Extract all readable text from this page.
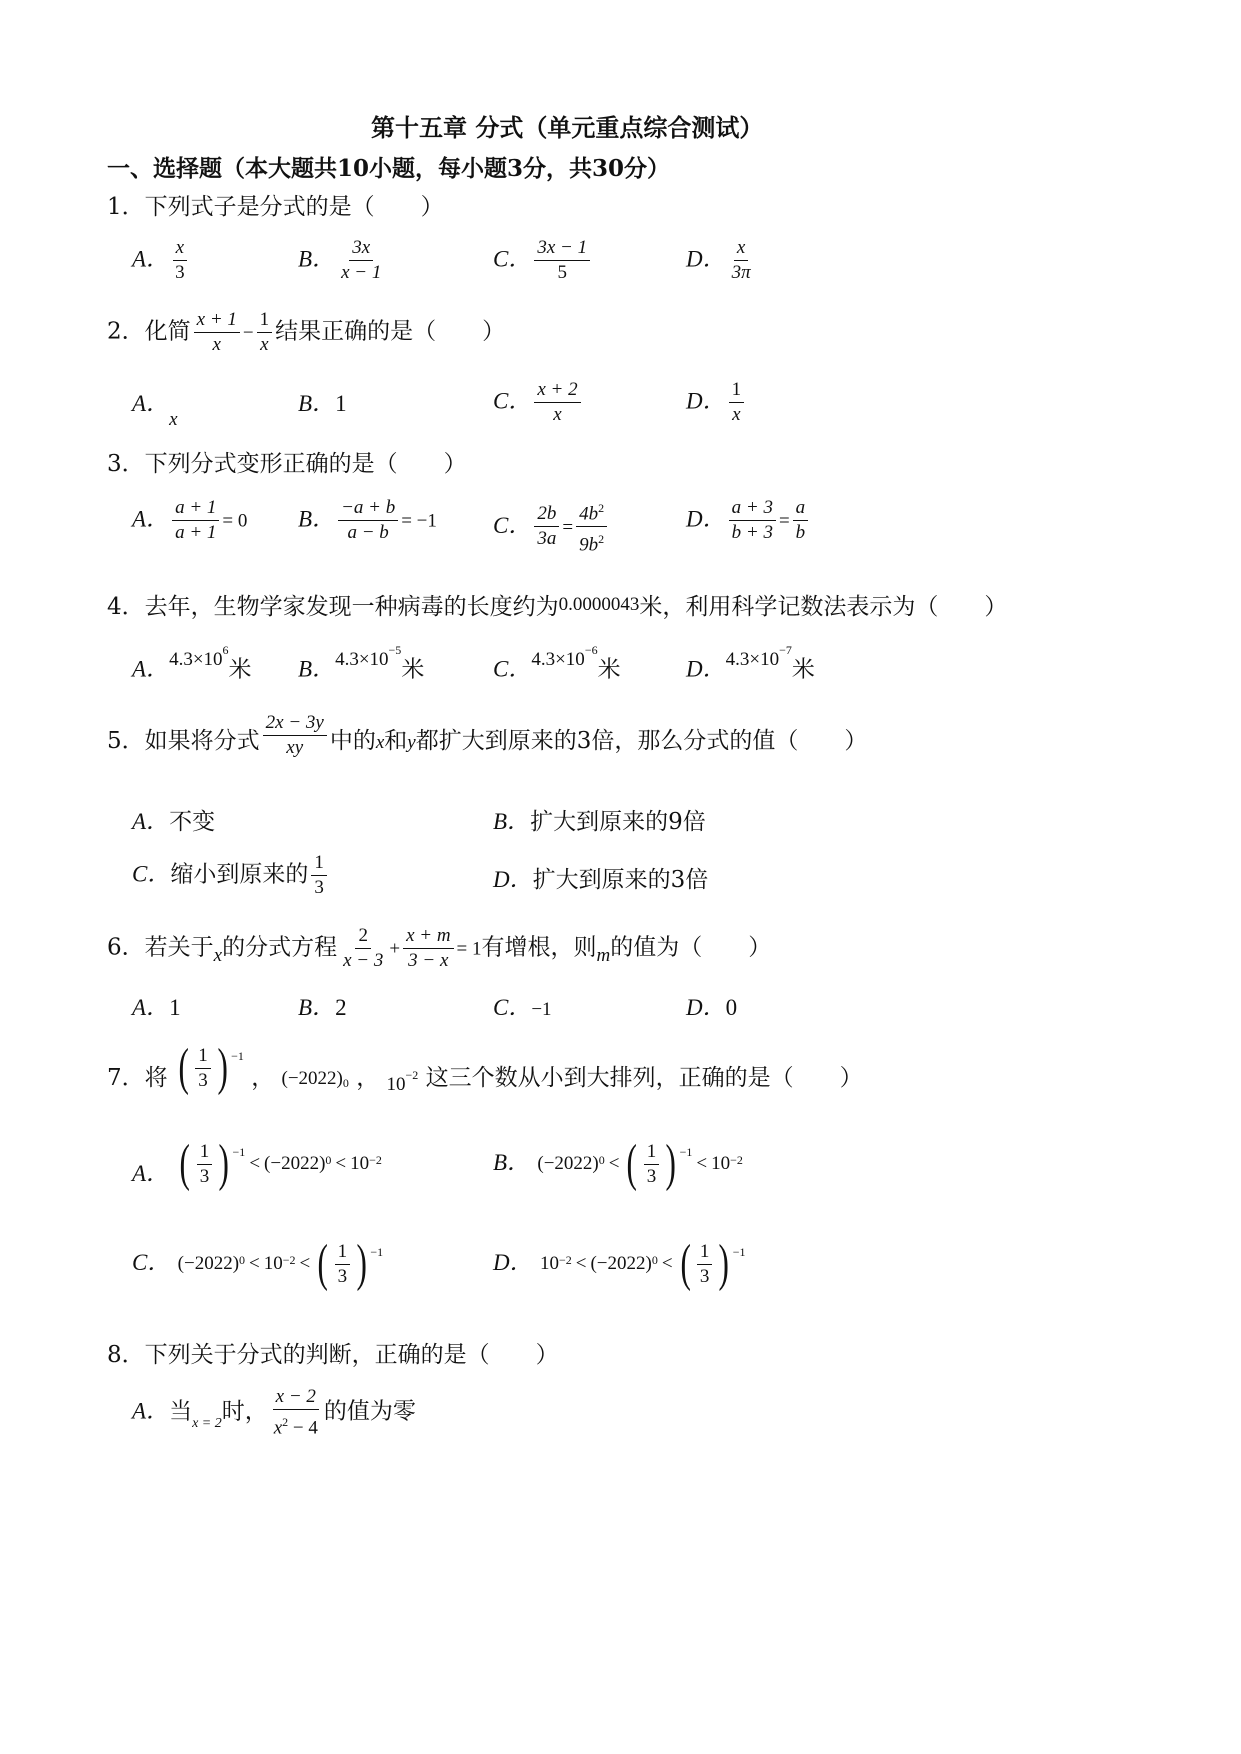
第十五章 分式（单元重点综合测试）
一、选择题（本大题共10小题，每小题3分，共30分）
1．下列式子是分式的是（　　）
A． $\frac{x}{3}$	B． $\frac{3x}{x - 1}$	C． $\frac{3x - 1}{5}$	D． $\frac{x}{3\pi}$
2．化简 $\frac{x + 1}{x} - \frac{1}{x}$ 结果正确的是（　　）
A．$_x$
B．1	C． $\frac{x + 2}{x}$	D． $\frac{1}{x}$
3．下列分式变形正确的是（　　）
A． $\frac{a + 1}{a + 1} = 0$ B． $\frac{-a + b}{a - b} = -1$ C． $\frac{2b}{3a} = \frac{4b^2}{9b^2}$	D． $\frac{a + 3}{b + 3} = \frac{a}{b}$
4．去年，生物学家发现一种病毒的长度约为0.0000043米，利用科学记数法表示为（　　）
A．$^{4.3\times 106}$米 B．$^{4.3\times 10-5}$米	C．$^{4.3\times 10-6}$米	D．$^{4.3\times 10-7}$米
5．如果将分式 $\frac{2x - 3y}{xy}$ 中的x和y都扩大到原来的3倍，那么分式的值（　　）
A．不变	B．扩大到原来的9倍
C．缩小到原来的 $\frac{1}{3}$	D．扩大到原来的3倍
6．若关于$_x$的分式方程 $\frac{2}{x - 3} + \frac{x + m}{3 - x} = 1$有增根，则$_m$的值为（　　）
A．1	B．2	C．−1	D．0
7．将 ( $\frac{1}{3}$ ) $^{-1}$
， $(-2022)_0$ ， $10^{-2}$ 这三个数从小到大排列，正确的是（　　）
A． ( $\frac{1}{3}$ ) $^{-1}$
< $(-2022)^0 < 10^{-2}$	B． $(-2022)^0$ < ( $\frac{1}{3}$ ) $^{-1}$
< $10^{-2}$
C． $(-2022)^0 < 10^{-2}$ < ( $\frac{1}{3}$ ) $^{-1}$	D． $10^{-2} < (-2022)^0$ < ( $\frac{1}{3}$ ) $^{-1}$
8．下列关于分式的判断，正确的是（　　）
A．当$_{x = 2}$时， $\frac{x - 2}{x^2 - 4}$ 的值为零
